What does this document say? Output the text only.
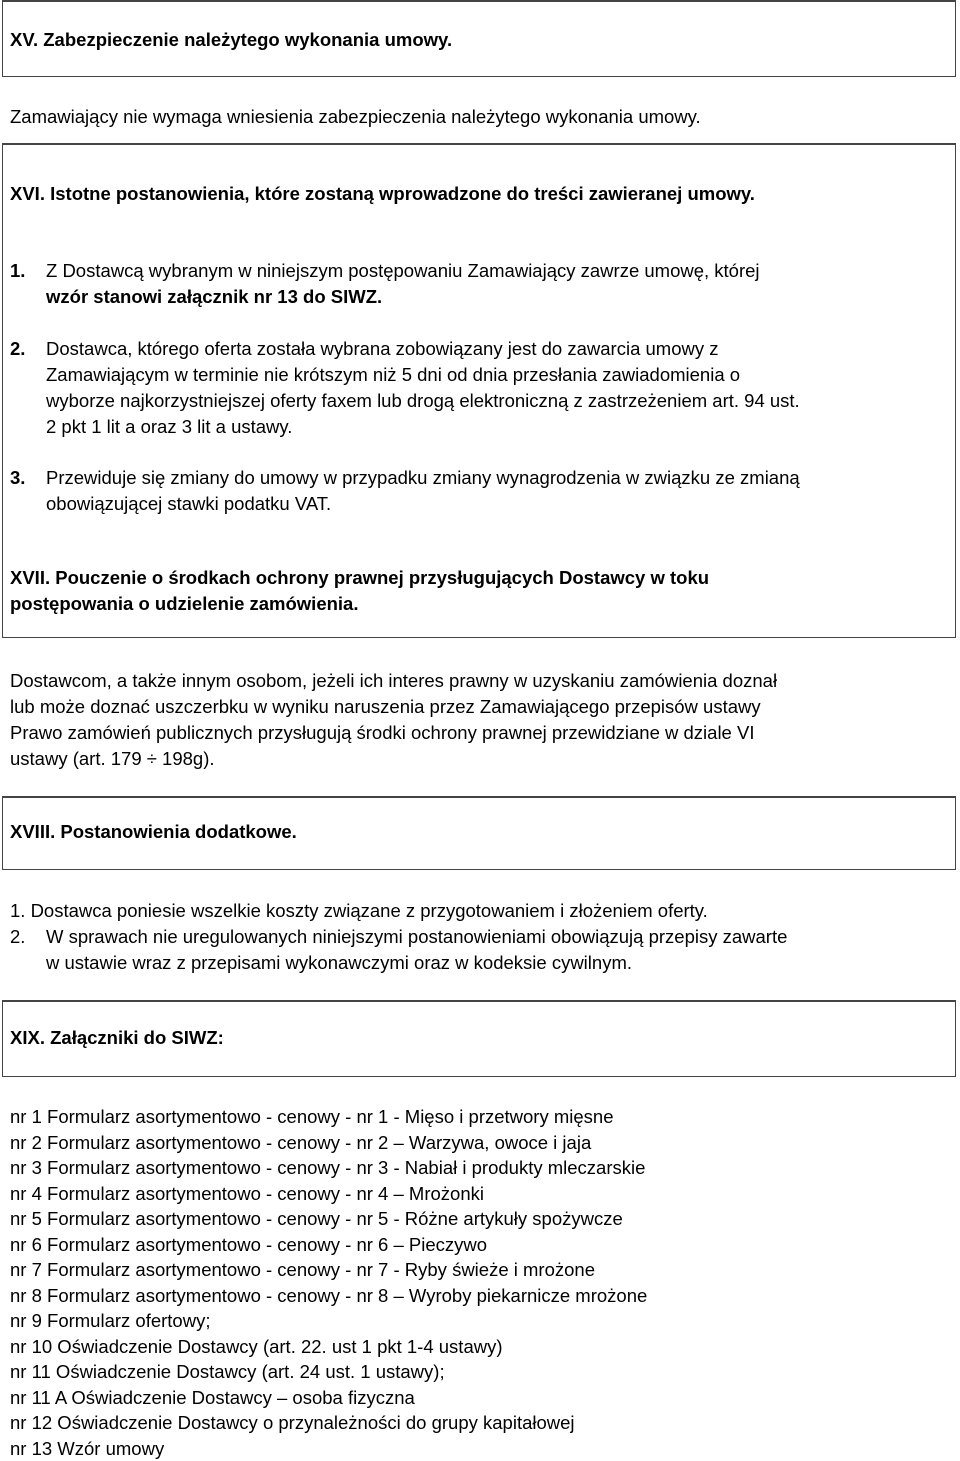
XV. Zabezpieczenie należytego wykonania umowy.
Zamawiający nie wymaga wniesienia zabezpieczenia należytego wykonania umowy.
XVI. Istotne postanowienia, które zostaną wprowadzone do treści zawieranej umowy.
1. Z Dostawcą wybranym w niniejszym postępowaniu Zamawiający zawrze umowę, której
wzór stanowi załącznik nr 13 do SIWZ.
2. Dostawca, którego oferta została wybrana zobowiązany jest do zawarcia umowy z
Zamawiającym w terminie nie krótszym niż 5 dni od dnia przesłania zawiadomienia o
wyborze najkorzystniejszej oferty faxem lub drogą elektroniczną z zastrzeżeniem art. 94 ust.
2 pkt 1 lit a oraz 3 lit a ustawy.
3. Przewiduje się zmiany do umowy w przypadku zmiany wynagrodzenia w związku ze zmianą
obowiązującej stawki podatku VAT.
XVII. Pouczenie o środkach ochrony prawnej przysługujących Dostawcy w toku
postępowania o udzielenie zamówienia.
Dostawcom, a także innym osobom, jeżeli ich interes prawny w uzyskaniu zamówienia doznał
lub może doznać uszczerbku w wyniku naruszenia przez Zamawiającego przepisów ustawy
Prawo zamówień publicznych przysługują środki ochrony prawnej przewidziane w dziale VI
ustawy (art. 179 ÷ 198g).
XVIII. Postanowienia dodatkowe.
1. Dostawca poniesie wszelkie koszty związane z przygotowaniem i złożeniem oferty.
2. W sprawach nie uregulowanych niniejszymi postanowieniami obowiązują przepisy zawarte
w ustawie wraz z przepisami wykonawczymi oraz w kodeksie cywilnym.
XIX. Załączniki do SIWZ:
nr 1 Formularz asortymentowo - cenowy - nr 1 - Mięso i przetwory mięsne
nr 2 Formularz asortymentowo - cenowy - nr 2 – Warzywa, owoce i jaja
nr 3 Formularz asortymentowo - cenowy - nr 3 - Nabiał i produkty mleczarskie
nr 4 Formularz asortymentowo - cenowy - nr 4 – Mrożonki
nr 5 Formularz asortymentowo - cenowy - nr 5 - Różne artykuły spożywcze
nr 6 Formularz asortymentowo - cenowy - nr 6 – Pieczywo
nr 7 Formularz asortymentowo - cenowy - nr 7 - Ryby świeże i mrożone
nr 8 Formularz asortymentowo - cenowy - nr 8 – Wyroby piekarnicze mrożone
nr 9 Formularz ofertowy;
nr 10 Oświadczenie Dostawcy (art. 22. ust 1 pkt 1-4 ustawy)
nr 11 Oświadczenie Dostawcy (art. 24 ust. 1 ustawy);
nr 11 A Oświadczenie Dostawcy – osoba fizyczna
nr 12 Oświadczenie Dostawcy o przynależności do grupy kapitałowej
nr 13 Wzór umowy
